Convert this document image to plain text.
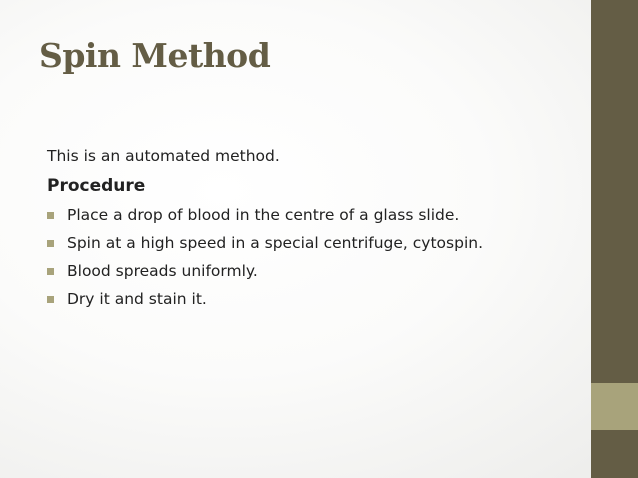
Spin Method

This is an automated method.

Procedure
Place a drop of blood in the centre of a glass slide.
Spin at a high speed in a special centrifuge, cytospin.
Blood spreads uniformly.
Dry it and stain it.
